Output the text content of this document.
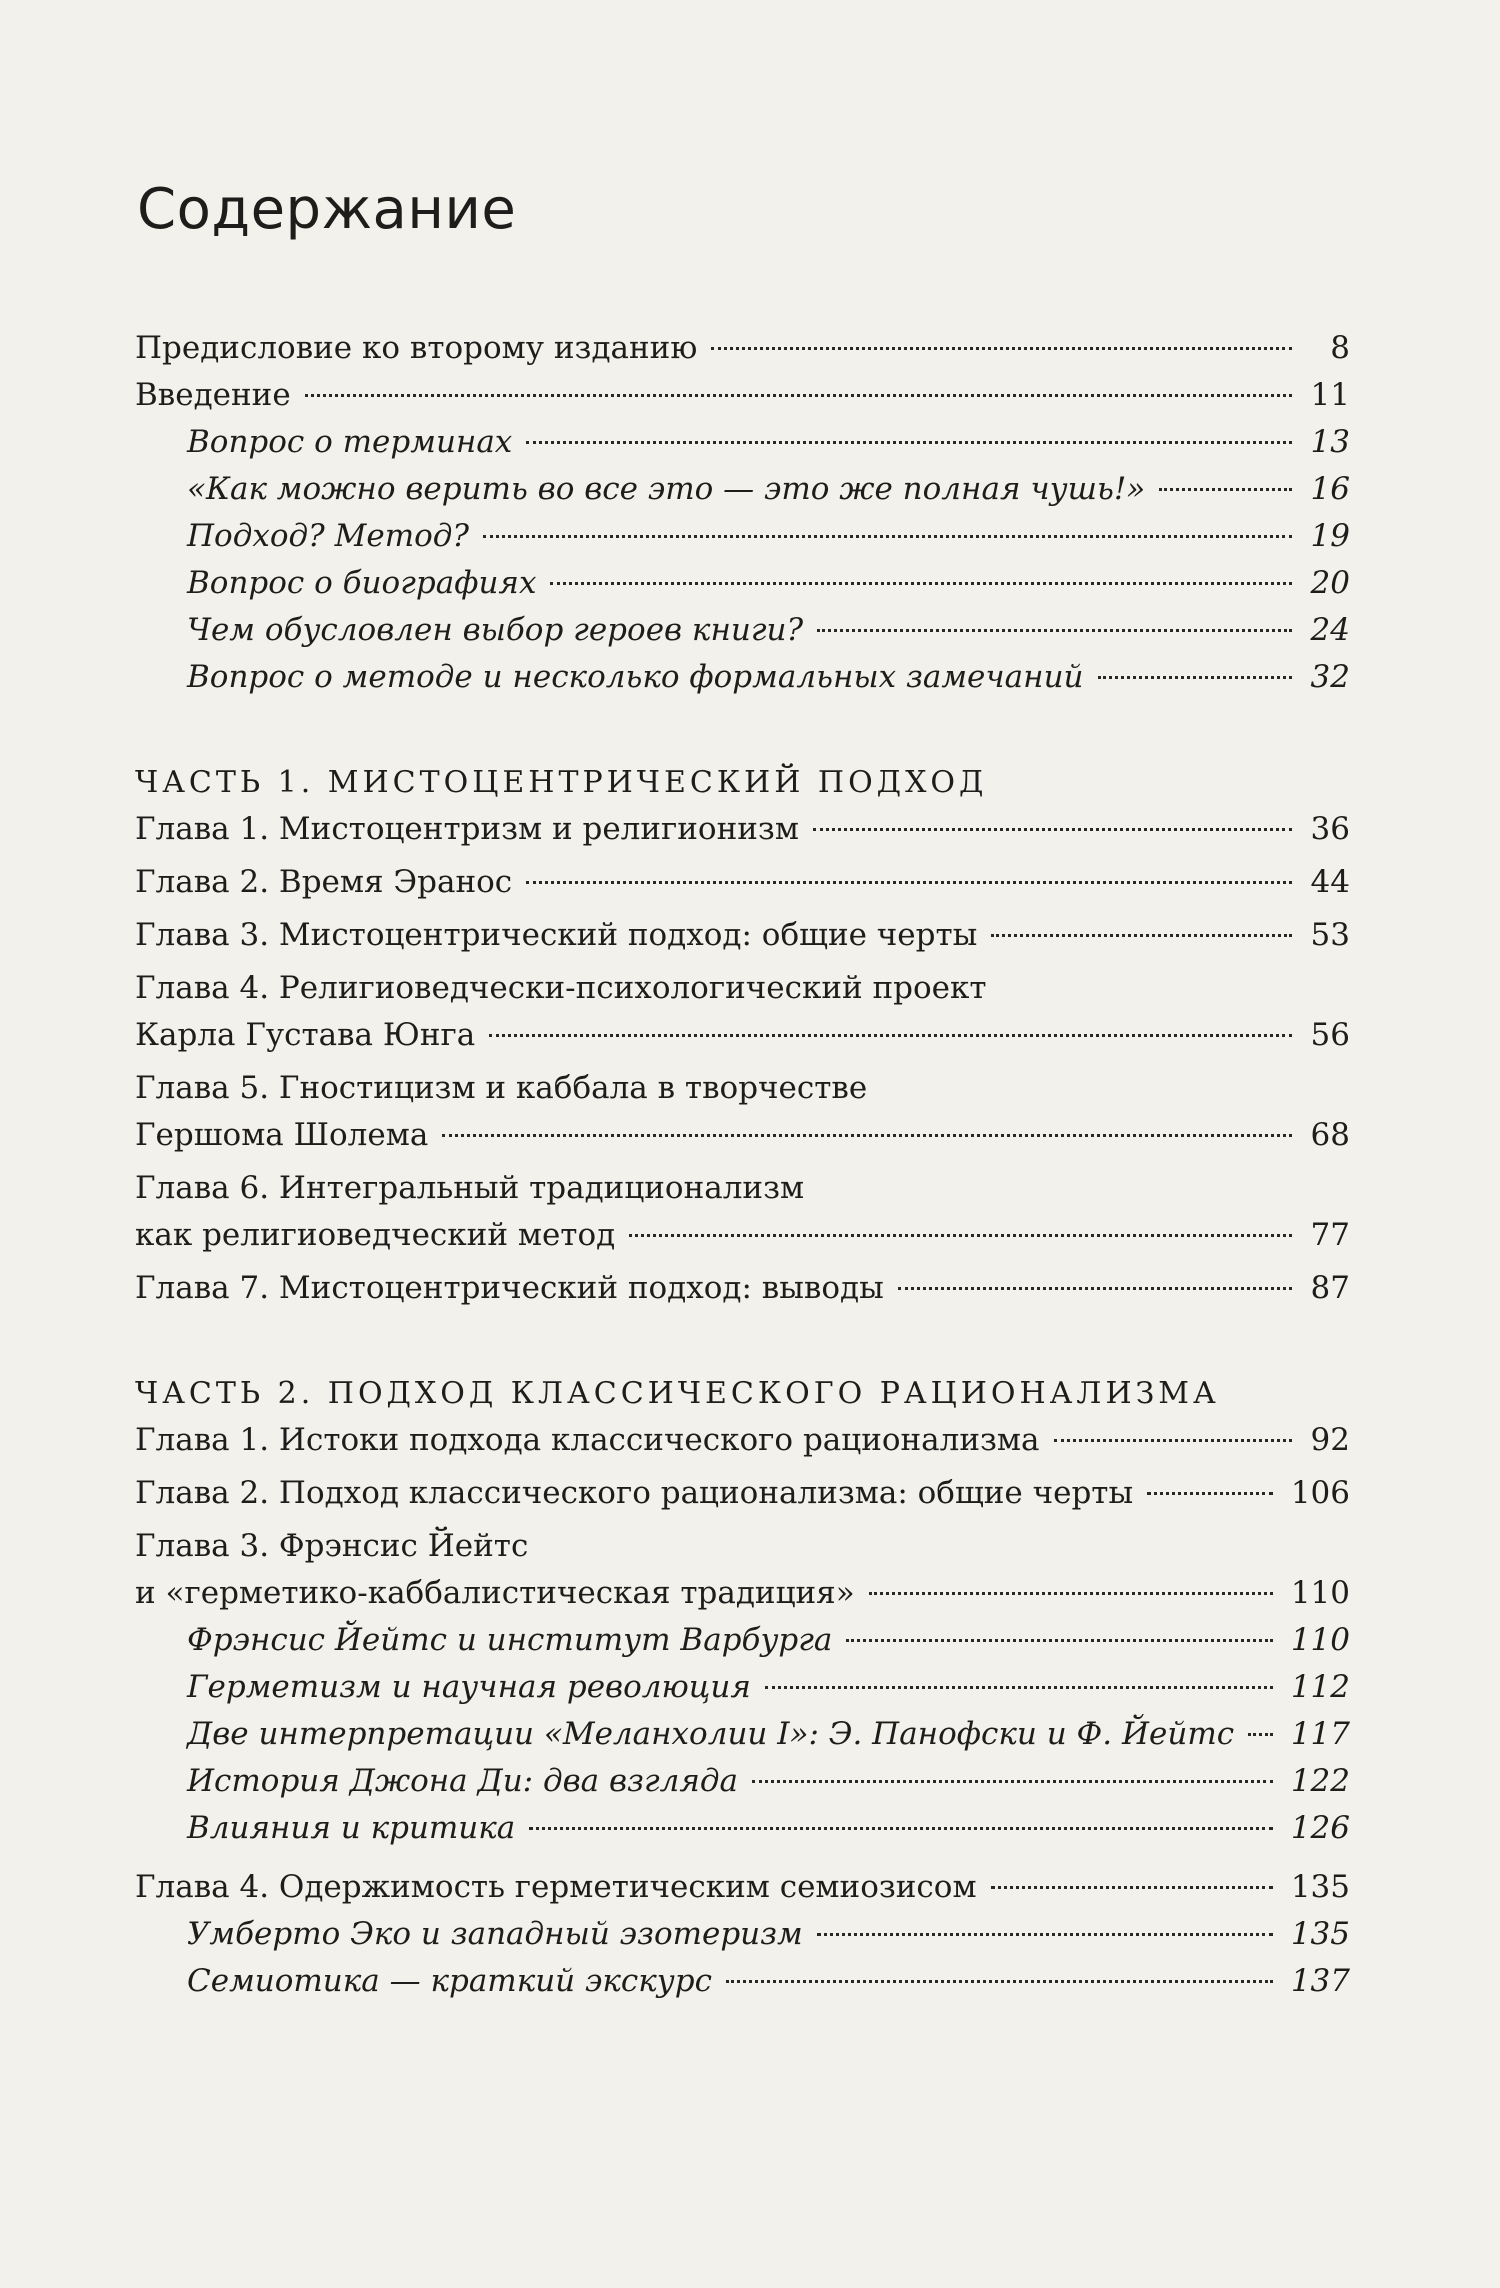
Содержание
Предисловие ко второму изданию	8
Введение	11
Вопрос о терминах	13
«Как можно верить во все это — это же полная чушь!»	16
Подход? Метод?	19
Вопрос о биографиях	20
Чем обусловлен выбор героев книги?	24
Вопрос о методе и несколько формальных замечаний	32
ЧАСТЬ 1. МИСТОЦЕНТРИЧЕСКИЙ ПОДХОД
Глава 1. Мистоцентризм и религионизм	36
Глава 2. Время Эранос	44
Глава 3. Мистоцентрический подход: общие черты	53
Глава 4. Религиоведчески-психологический проект
Карла Густава Юнга	56
Глава 5. Гностицизм и каббала в творчестве
Гершома Шолема	68
Глава 6. Интегральный традиционализм
как религиоведческий метод	77
Глава 7. Мистоцентрический подход: выводы	87
ЧАСТЬ 2. ПОДХОД КЛАССИЧЕСКОГО РАЦИОНАЛИЗМА
Глава 1. Истоки подхода классического рационализма	92
Глава 2. Подход классического рационализма: общие черты	106
Глава 3. Фрэнсис Йейтс
и «герметико-каббалистическая традиция»	110
Фрэнсис Йейтс и институт Варбурга	110
Герметизм и научная революция	112
Две интерпретации «Меланхолии I»: Э. Панофски и Ф. Йейтс 117
История Джона Ди: два взгляда	122
Влияния и критика	126
Глава 4. Одержимость герметическим семиозисом	135
Умберто Эко и западный эзотеризм	135
Семиотика — краткий экскурс	137
